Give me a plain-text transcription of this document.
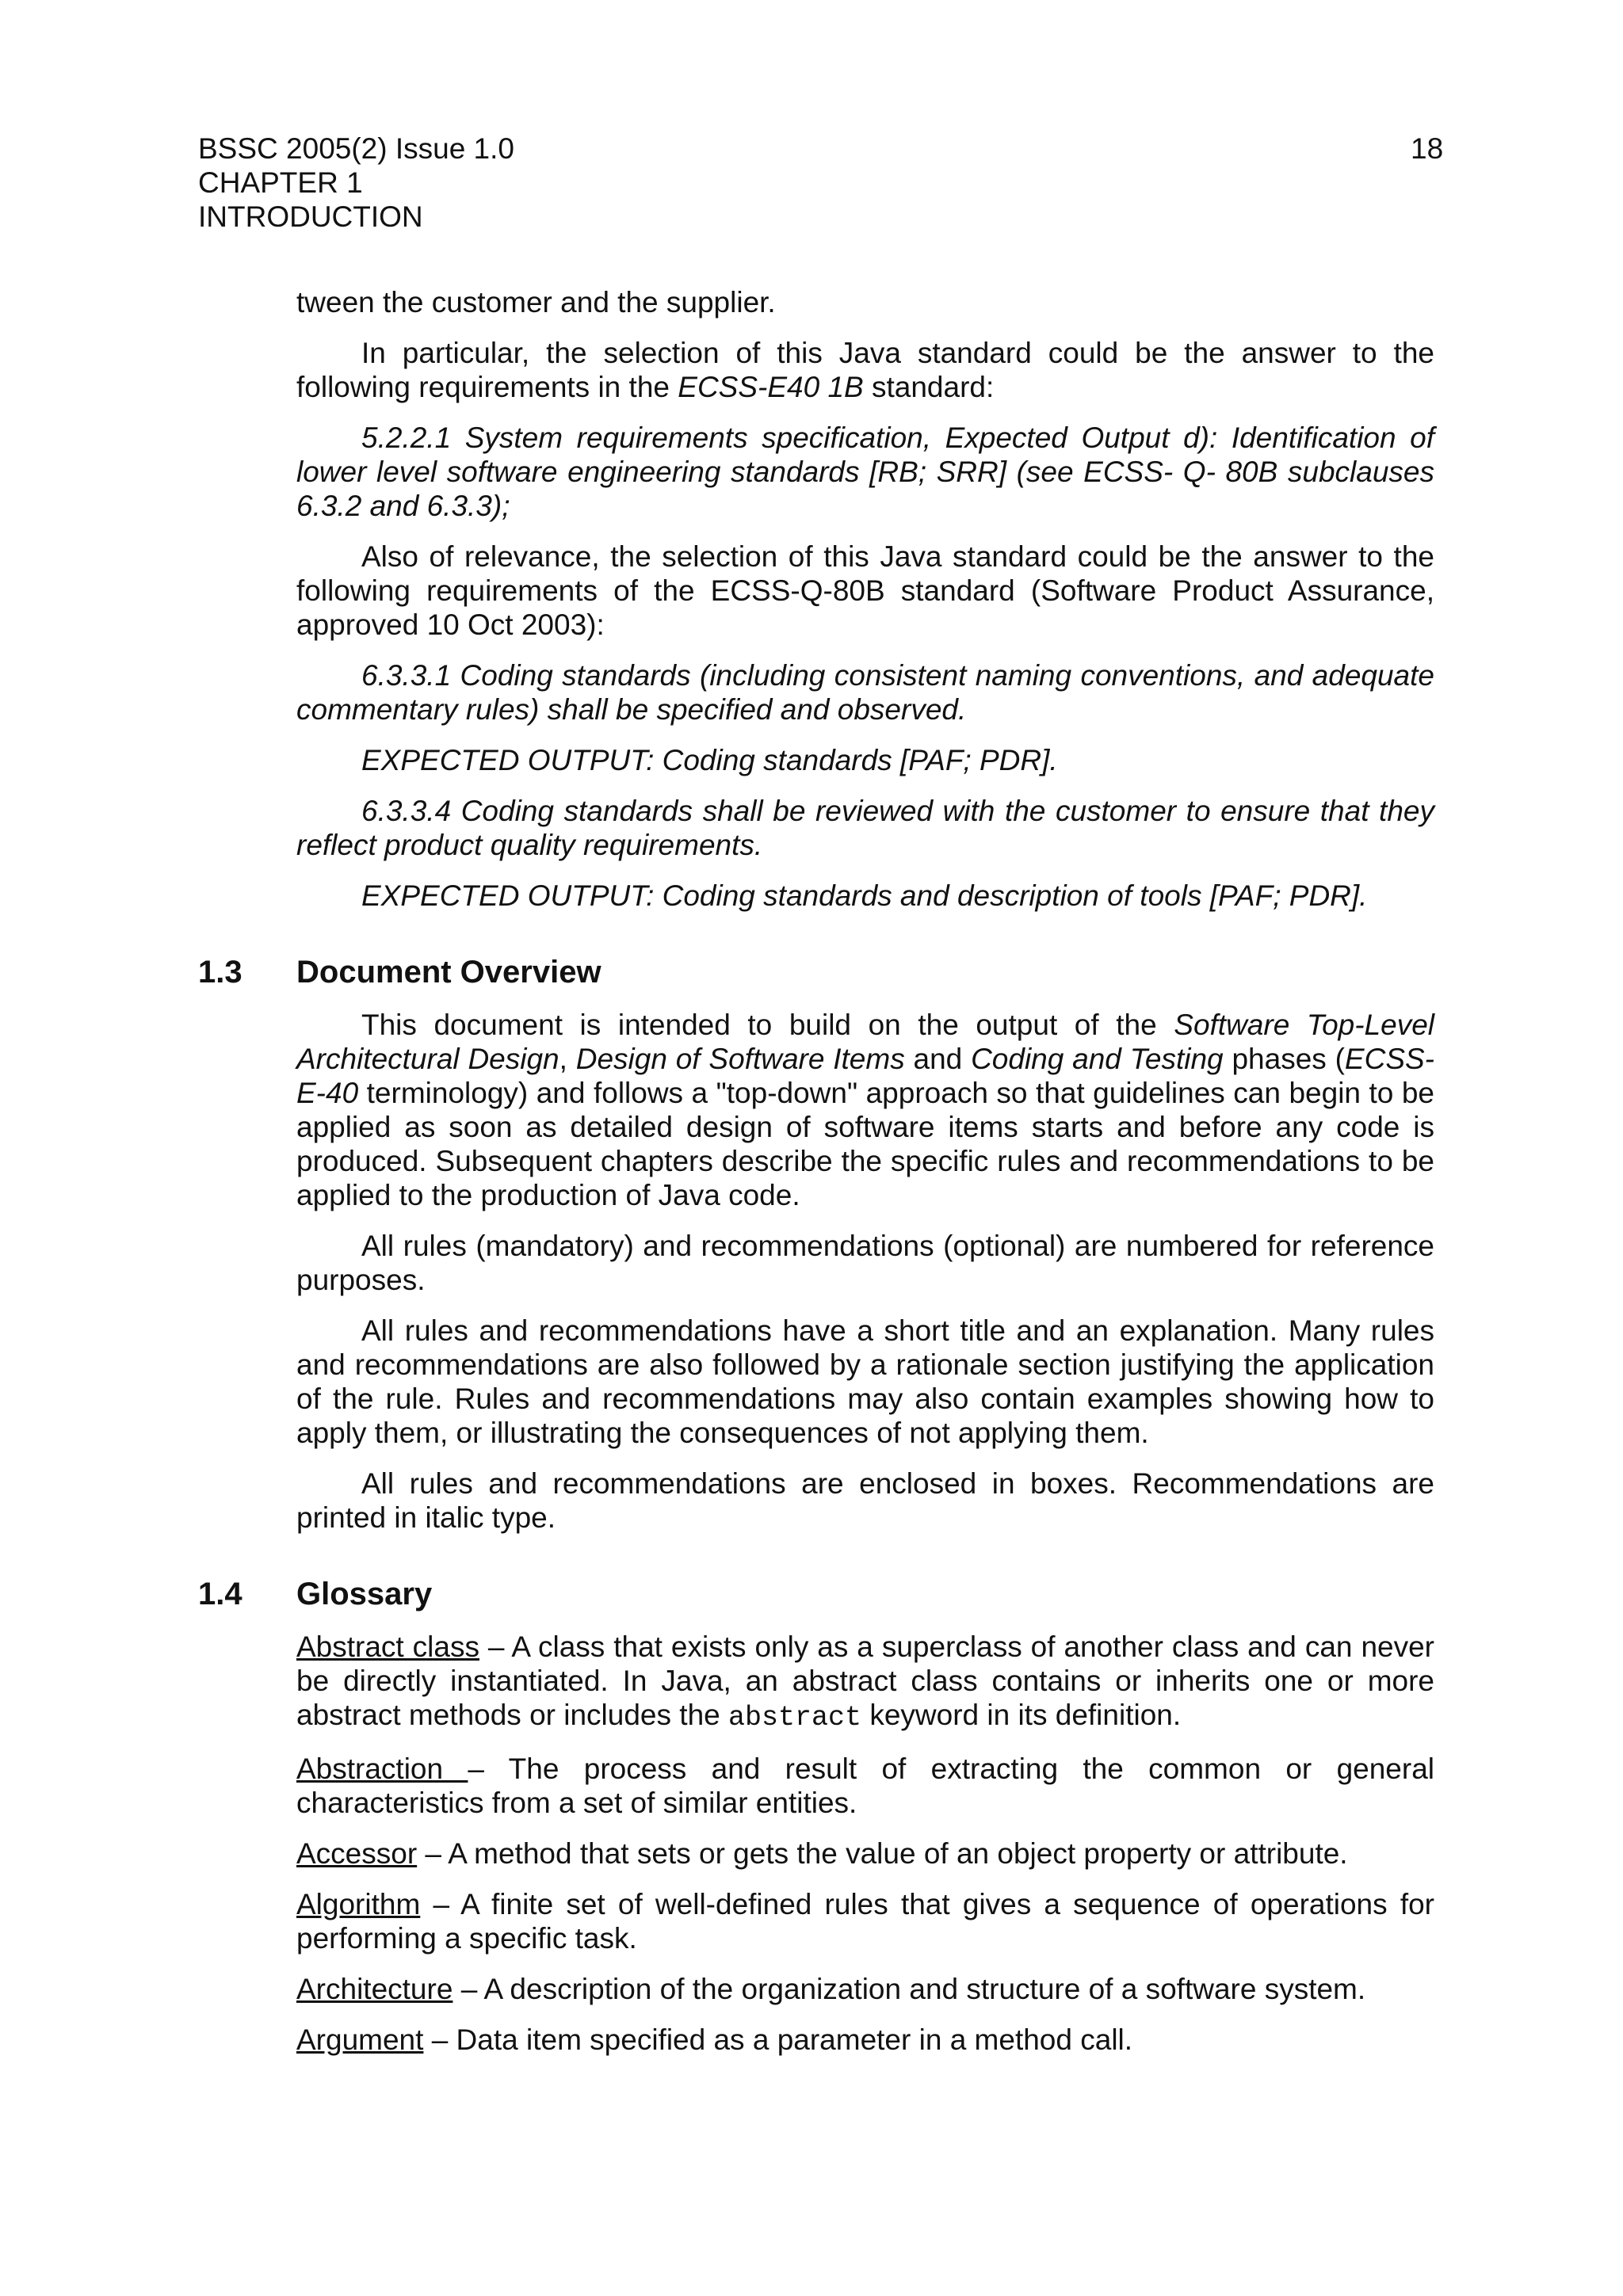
BSSC 2005(2) Issue 1.0
CHAPTER 1
INTRODUCTION
18

tween the customer and the supplier.

In particular, the selection of this Java standard could be the answer to the following requirements in the ECSS-E40 1B standard:

5.2.2.1 System requirements specification, Expected Output d): Identification of lower level software engineering standards [RB; SRR] (see ECSS- Q- 80B subclauses 6.3.2 and 6.3.3);

Also of relevance, the selection of this Java standard could be the answer to the following requirements of the ECSS-Q-80B standard (Software Product Assurance, approved 10 Oct 2003):

6.3.3.1 Coding standards (including consistent naming conventions, and adequate commentary rules) shall be specified and observed.

EXPECTED OUTPUT: Coding standards [PAF; PDR].

6.3.3.4 Coding standards shall be reviewed with the customer to ensure that they reflect product quality requirements.

EXPECTED OUTPUT: Coding standards and description of tools [PAF; PDR].

1.3 Document Overview

This document is intended to build on the output of the Software Top-Level Architectural Design, Design of Software Items and Coding and Testing phases (ECSS-E-40 terminology) and follows a "top-down" approach so that guidelines can begin to be applied as soon as detailed design of software items starts and before any code is produced. Subsequent chapters describe the specific rules and recommendations to be applied to the production of Java code.

All rules (mandatory) and recommendations (optional) are numbered for reference purposes.

All rules and recommendations have a short title and an explanation. Many rules and recommendations are also followed by a rationale section justifying the application of the rule. Rules and recommendations may also contain examples showing how to apply them, or illustrating the consequences of not applying them.

All rules and recommendations are enclosed in boxes. Recommendations are printed in italic type.

1.4 Glossary

Abstract class – A class that exists only as a superclass of another class and can never be directly instantiated. In Java, an abstract class contains or inherits one or more abstract methods or includes the abstract keyword in its definition.

Abstraction – The process and result of extracting the common or general characteristics from a set of similar entities.

Accessor – A method that sets or gets the value of an object property or attribute.

Algorithm – A finite set of well-defined rules that gives a sequence of operations for performing a specific task.

Architecture – A description of the organization and structure of a software system.

Argument – Data item specified as a parameter in a method call.
